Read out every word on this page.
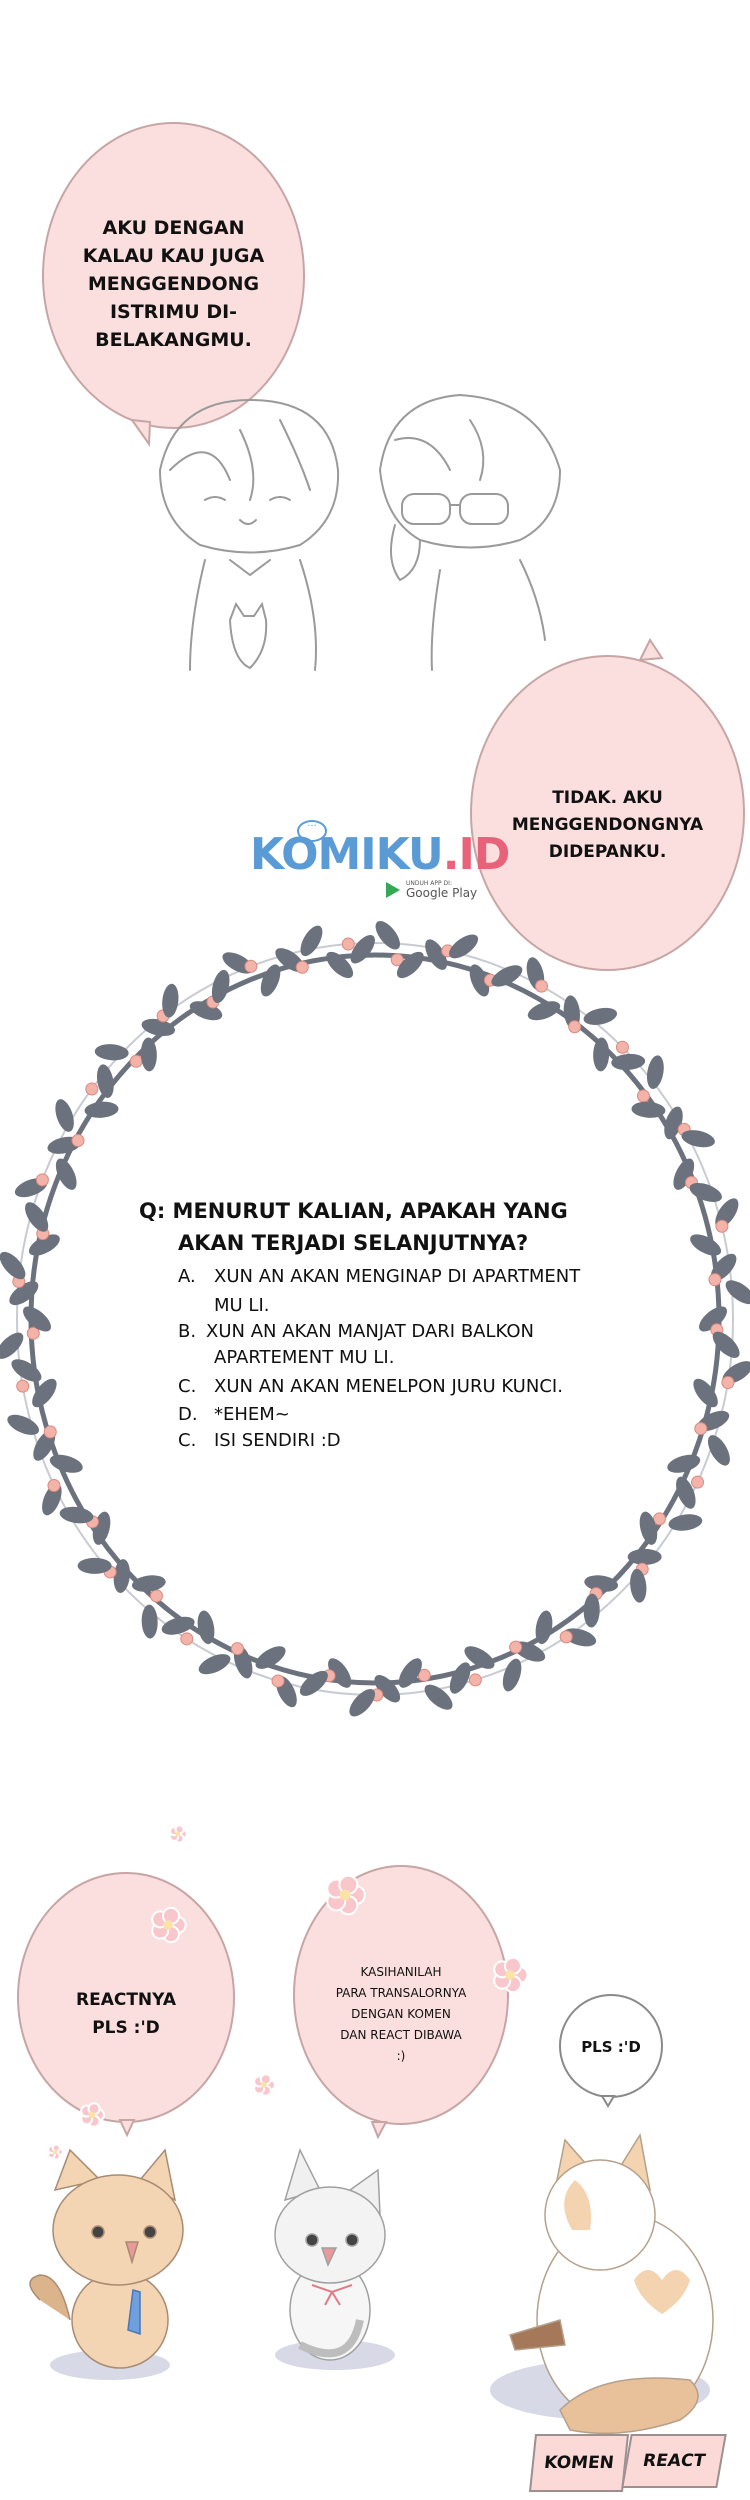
AKU DENGAN
KALAU KAU JUGA
MENGGENDONG
ISTRIMU DI-
BELAKANGMU.
TIDAK. AKU
MENGGENDONGNYA
DIDEPANKU.
···
KOMIKU.ID
UNDUH APP DI:
Google Play
Q: MENURUT KALIAN, APAKAH YANG
AKAN TERJADI SELANJUTNYA?
A. XUN AN AKAN MENGINAP DI APARTMENT
MU LI.
B. XUN AN AKAN MANJAT DARI BALKON
APARTEMENT MU LI.
C. XUN AN AKAN MENELPON JURU KUNCI.
D. *EHEM~
C. ISI SENDIRI :D
REACTNYA
PLS :'D
KASIHANILAH
PARA TRANSALORNYA
DENGAN KOMEN
DAN REACT DIBAWA
:)	PLS :'D
KOMEN	REACT
